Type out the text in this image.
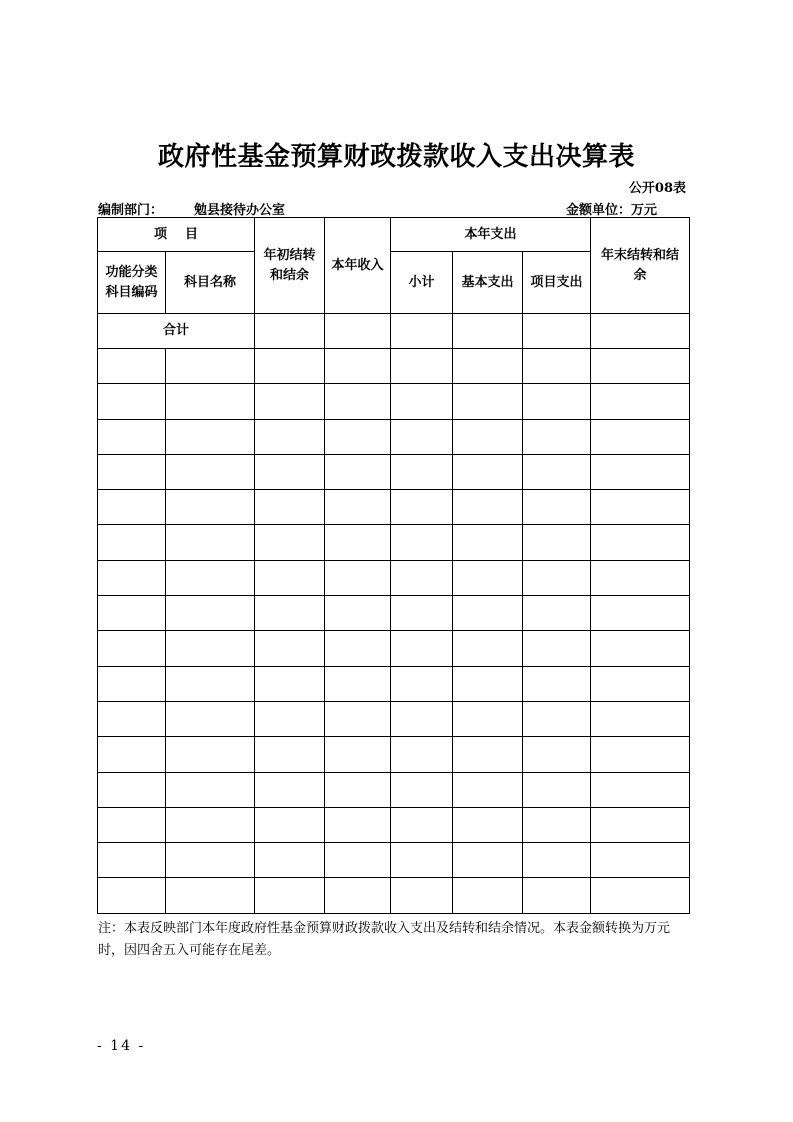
政府性基金预算财政拨款收入支出决算表
公开08表
编制部门： 勉县接待办公室	金额单位：万元
项    目		年初结转和结余	本年收入	本年支出			年末结转和结余
功能分类科目编码	科目名称			小计	基本支出	项目支出	
合计							

注：本表反映部门本年度政府性基金预算财政拨款收入支出及结转和结余情况。本表金额转换为万元时，因四舍五入可能存在尾差。
- 14 -
